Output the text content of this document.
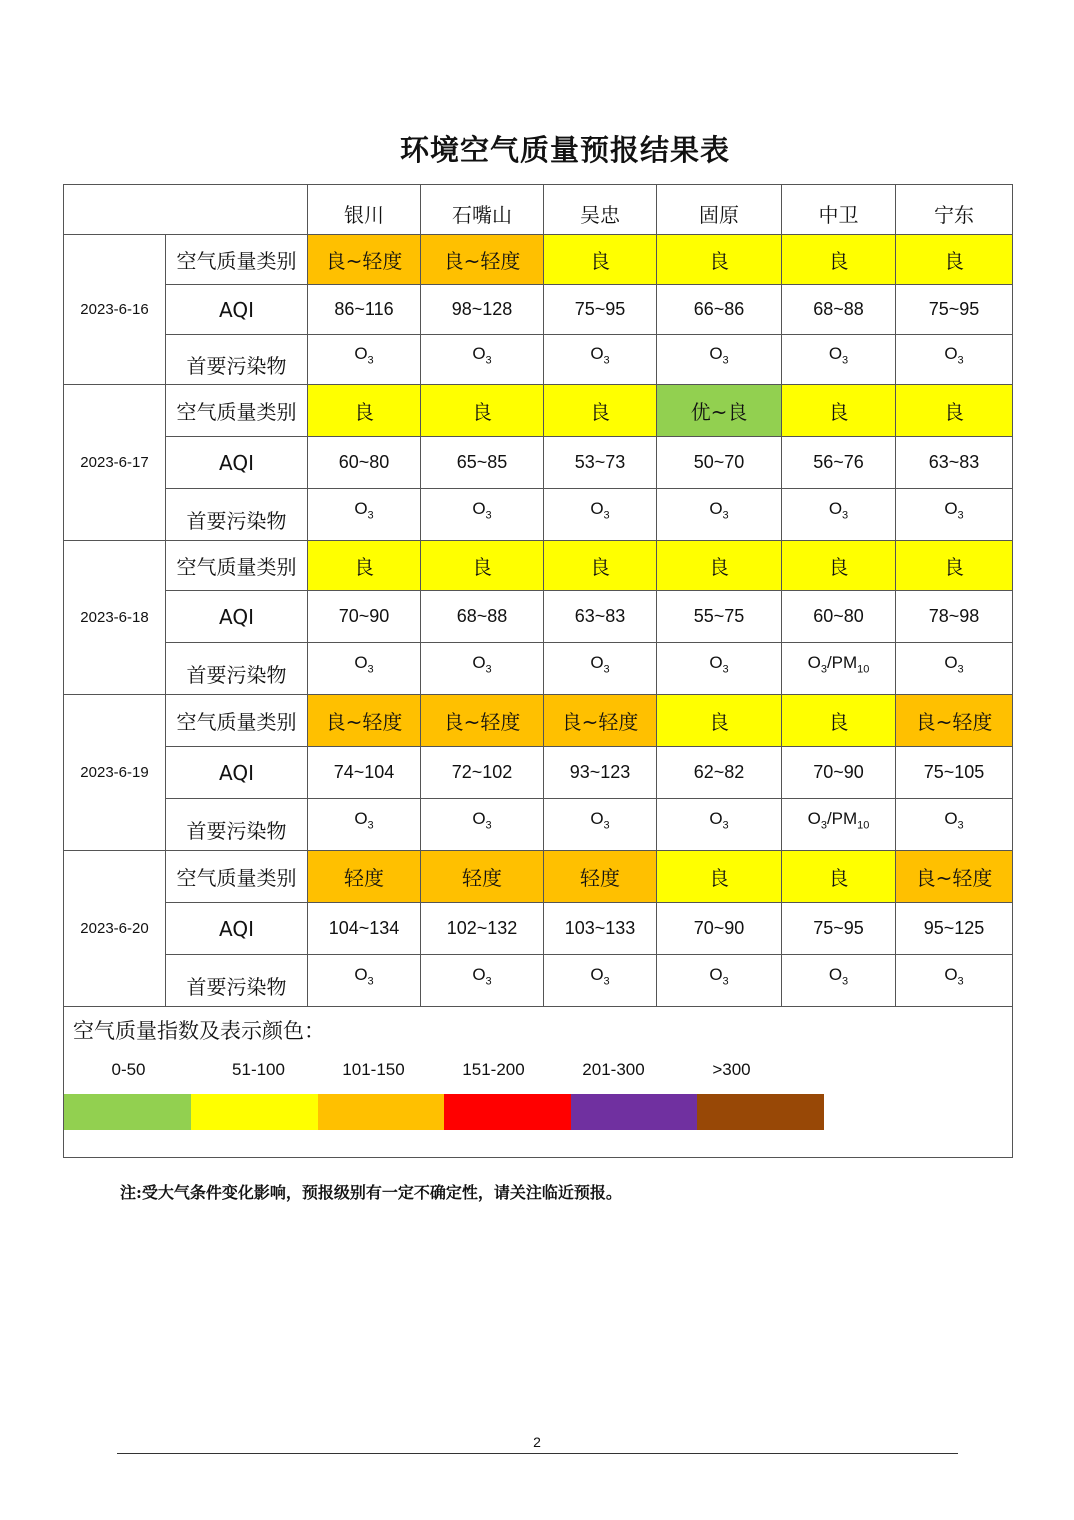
环境空气质量预报结果表
		银川	石嘴山	吴忠	固原	中卫	宁东
2023-6-16	空气质量类别	良~轻度	良~轻度	良	良	良	良
	AQI	86~116	98~128	75~95	66~86	68~88	75~95
	首要污染物	$O_3$	$O_3$	$O_3$	$O_3$	$O_3$	$O_3$
2023-6-17	空气质量类别	良	良	良	优~良	良	良
	AQI	60~80	65~85	53~73	50~70	56~76	63~83
	首要污染物	$O_3$	$O_3$	$O_3$	$O_3$	$O_3$	$O_3$
2023-6-18	空气质量类别	良	良	良	良	良	良
	AQI	70~90	68~88	63~83	55~75	60~80	78~98
	首要污染物	$O_3$	$O_3$	$O_3$	$O_3$	$O_3/PM_{10}$	$O_3$
2023-6-19	空气质量类别	良~轻度	良~轻度	良~轻度	良	良	良~轻度
	AQI	74~104	72~102	93~123	62~82	70~90	75~105
	首要污染物	$O_3$	$O_3$	$O_3$	$O_3$	$O_3/PM_{10}$	$O_3$
2023-6-20	空气质量类别	轻度	轻度	轻度	良	良	良~轻度
	AQI	104~134	102~132	103~133	70~90	75~95	95~125
	首要污染物	$O_3$	$O_3$	$O_3$	$O_3$	$O_3$	$O_3$
空气质量指数及表示颜色：
0-50	51-100	101-150	151-200	201-300	>300
注:受大气条件变化影响，预报级别有一定不确定性，请关注临近预报。
2
